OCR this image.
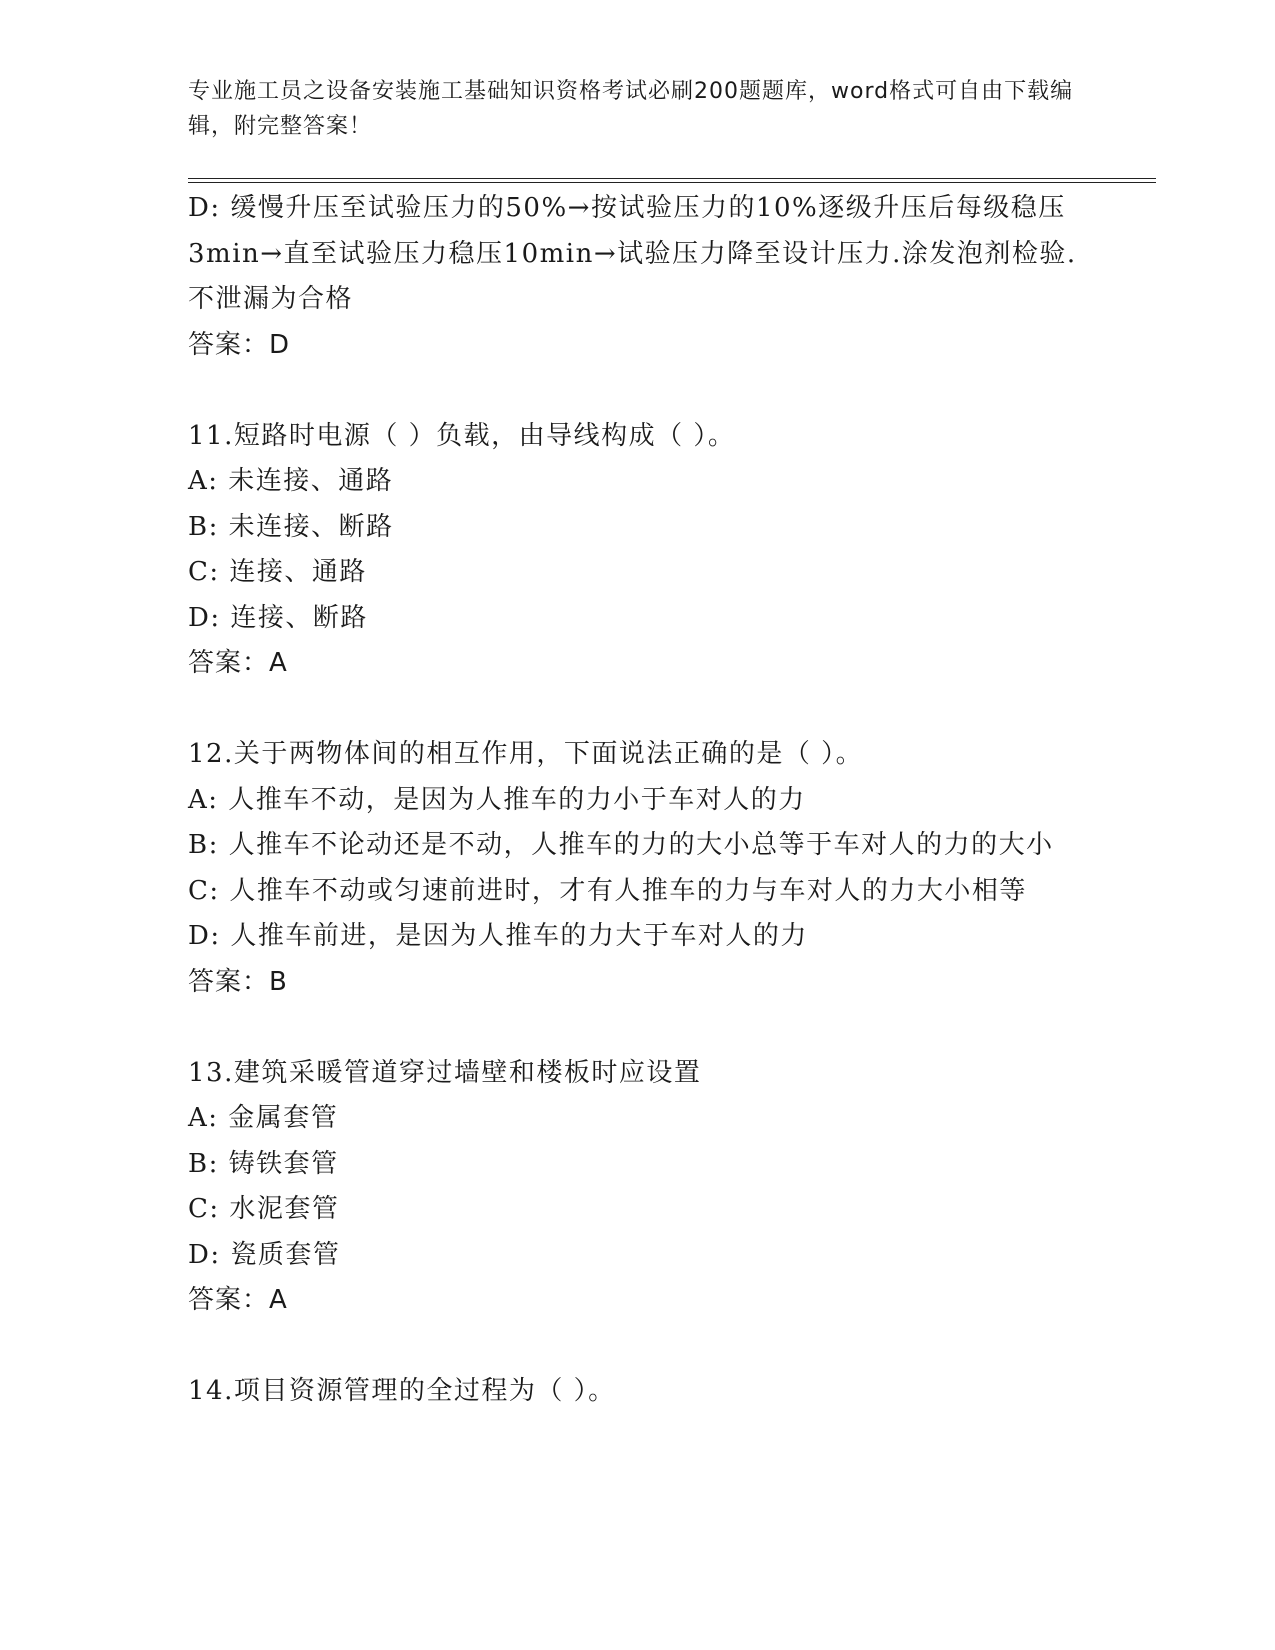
专业施工员之设备安装施工基础知识资格考试必刷200题题库，word格式可自由下载编辑，附完整答案！
D: 缓慢升压至试验压力的50%→按试验压力的10%逐级升压后每级稳压3min→直至试验压力稳压10min→试验压力降至设计压力.涂发泡剂检验.不泄漏为合格
答案：D
11.短路时电源（ ）负载，由导线构成（ ）。
A: 未连接、通路
B: 未连接、断路
C: 连接、通路
D: 连接、断路
答案：A
12.关于两物体间的相互作用，下面说法正确的是（ ）。
A: 人推车不动，是因为人推车的力小于车对人的力
B: 人推车不论动还是不动，人推车的力的大小总等于车对人的力的大小
C: 人推车不动或匀速前进时，才有人推车的力与车对人的力大小相等
D: 人推车前进，是因为人推车的力大于车对人的力
答案：B
13.建筑采暖管道穿过墙壁和楼板时应设置
A: 金属套管
B: 铸铁套管
C: 水泥套管
D: 瓷质套管
答案：A
14.项目资源管理的全过程为（ ）。
